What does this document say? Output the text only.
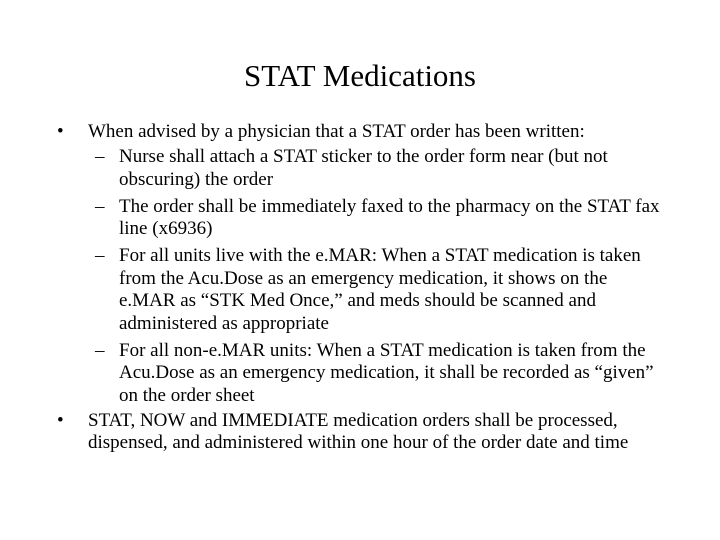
STAT Medications
•	When advised by a physician that a STAT order has been written:
– Nurse shall attach a STAT sticker to the order form near (but not obscuring) the order
– The order shall be immediately faxed to the pharmacy on the STAT fax line (x6936)
– For all units live with the e.MAR: When a STAT medication is taken from the Acu.Dose as an emergency medication, it shows on the e.MAR as “STK Med Once,” and meds should be scanned and administered as appropriate
– For all non-e.MAR units: When a STAT medication is taken from the Acu.Dose as an emergency medication, it shall be recorded as “given” on the order sheet
•	STAT, NOW and IMMEDIATE medication orders shall be processed, dispensed, and administered within one hour of the order date and time
